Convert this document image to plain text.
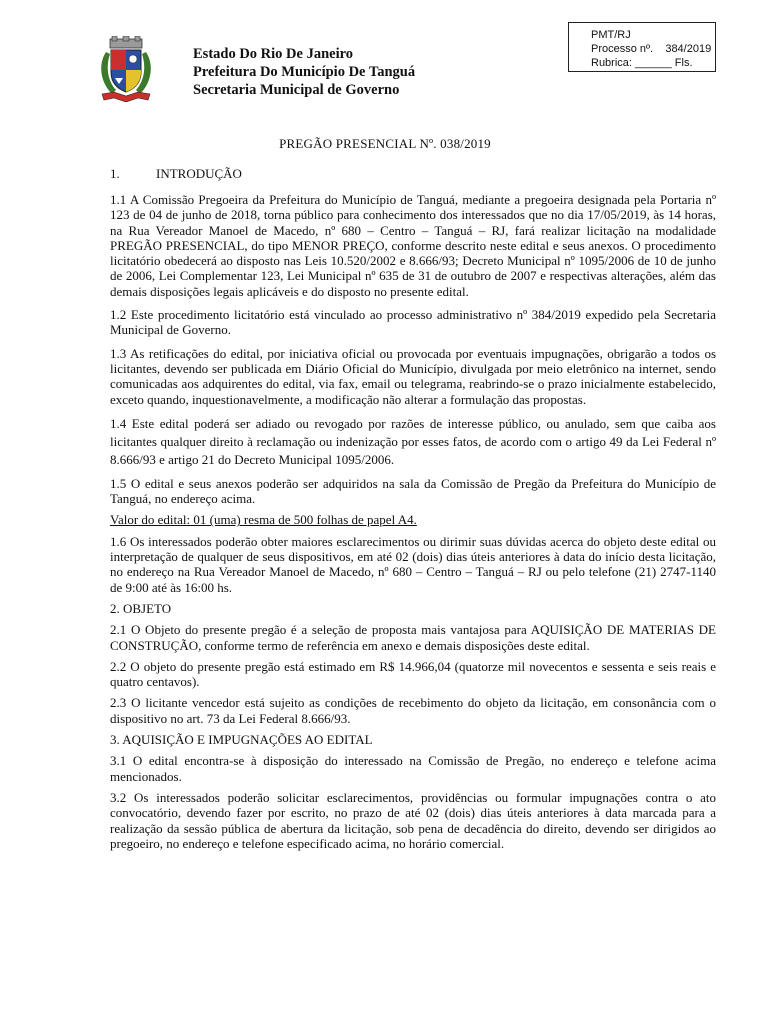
Estado Do Rio De Janeiro
Prefeitura Do Município De Tanguá
Secretaria Municipal de Governo
PMT/RJ
Processo nº.    384/2019
Rubrica: ______ Fls.
PREGÃO PRESENCIAL Nº. 038/2019
1.	INTRODUÇÃO

1.1 A Comissão Pregoeira da Prefeitura do Município de Tanguá, mediante a pregoeira designada pela Portaria nº 123 de 04 de junho de 2018, torna público para conhecimento dos interessados que no dia 17/05/2019, às 14 horas, na Rua Vereador Manoel de Macedo, nº 680 – Centro – Tanguá – RJ, fará realizar licitação na modalidade PREGÃO PRESENCIAL, do tipo MENOR PREÇO, conforme descrito neste edital e seus anexos. O procedimento licitatório obedecerá ao disposto nas Leis 10.520/2002 e 8.666/93; Decreto Municipal nº 1095/2006 de 10 de junho de 2006, Lei Complementar 123, Lei Municipal nº 635 de 31 de outubro de 2007 e respectivas alterações, além das demais disposições legais aplicáveis e do disposto no presente edital.

1.2 Este procedimento licitatório está vinculado ao processo administrativo nº 384/2019 expedido pela Secretaria Municipal de Governo.

1.3 As retificações do edital, por iniciativa oficial ou provocada por eventuais impugnações, obrigarão a todos os licitantes, devendo ser publicada em Diário Oficial do Município, divulgada por meio eletrônico na internet, sendo comunicadas aos adquirentes do edital, via fax, email ou telegrama, reabrindo-se o prazo inicialmente estabelecido, exceto quando, inquestionavelmente, a modificação não alterar a formulação das propostas.

1.4 Este edital poderá ser adiado ou revogado por razões de interesse público, ou anulado, sem que caiba aos licitantes qualquer direito à reclamação ou indenização por esses fatos, de acordo com o artigo 49 da Lei Federal nº 8.666/93 e artigo 21 do Decreto Municipal 1095/2006.

1.5 O edital e seus anexos poderão ser adquiridos na sala da Comissão de Pregão da Prefeitura do Município de Tanguá, no endereço acima.

Valor do edital: 01 (uma) resma de 500 folhas de papel A4.

1.6 Os interessados poderão obter maiores esclarecimentos ou dirimir suas dúvidas acerca do objeto deste edital ou interpretação de qualquer de seus dispositivos, em até 02 (dois) dias úteis anteriores à data do início desta licitação, no endereço na Rua Vereador Manoel de Macedo, nº 680 – Centro – Tanguá – RJ ou pelo telefone (21) 2747-1140 de 9:00 até às 16:00 hs.

2. OBJETO

2.1 O Objeto do presente pregão é a seleção de proposta mais vantajosa para AQUISIÇÃO DE MATERIAS DE CONSTRUÇÃO, conforme termo de referência em anexo e demais disposições deste edital.

2.2 O objeto do presente pregão está estimado em R$ 14.966,04 (quatorze mil novecentos e sessenta e seis reais e quatro centavos).

2.3 O licitante vencedor está sujeito as condições de recebimento do objeto da licitação, em consonância com o dispositivo no art. 73 da Lei Federal 8.666/93.

3. AQUISIÇÃO E IMPUGNAÇÕES AO EDITAL

3.1 O edital encontra-se à disposição do interessado na Comissão de Pregão, no endereço e telefone acima mencionados.

3.2 Os interessados poderão solicitar esclarecimentos, providências ou formular impugnações contra o ato convocatório, devendo fazer por escrito, no prazo de até 02 (dois) dias úteis anteriores à data marcada para a realização da sessão pública de abertura da licitação, sob pena de decadência do direito, devendo ser dirigidos ao pregoeiro, no endereço e telefone especificado acima, no horário comercial.
